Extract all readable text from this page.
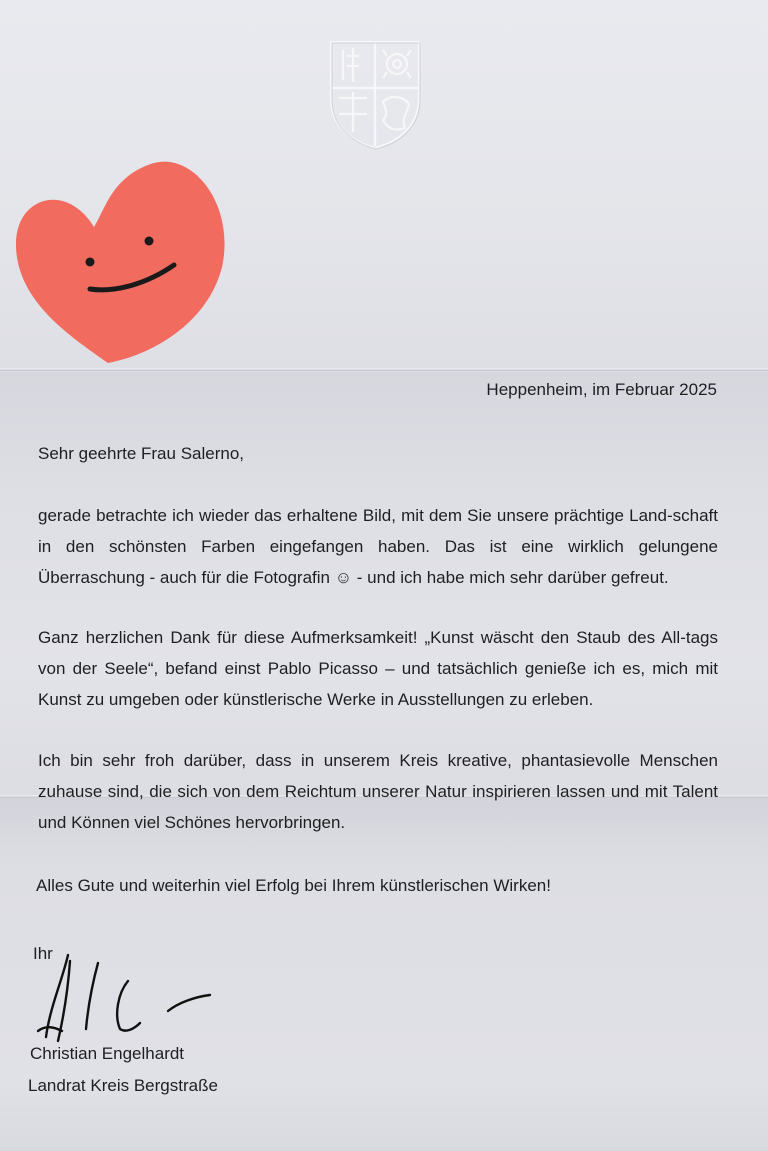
Heppenheim, im Februar 2025

Sehr geehrte Frau Salerno,

gerade betrachte ich wieder das erhaltene Bild, mit dem Sie unsere prächtige Land-schaft in den schönsten Farben eingefangen haben. Das ist eine wirklich gelungene Überraschung - auch für die Fotografin ☺ - und ich habe mich sehr darüber gefreut.

Ganz herzlichen Dank für diese Aufmerksamkeit! „Kunst wäscht den Staub des All-tags von der Seele“, befand einst Pablo Picasso – und tatsächlich genieße ich es, mich mit Kunst zu umgeben oder künstlerische Werke in Ausstellungen zu erleben.

Ich bin sehr froh darüber, dass in unserem Kreis kreative, phantasievolle Menschen zuhause sind, die sich von dem Reichtum unserer Natur inspirieren lassen und mit Talent und Können viel Schönes hervorbringen.

Alles Gute und weiterhin viel Erfolg bei Ihrem künstlerischen Wirken!

Ihr

Christian Engelhardt

Landrat Kreis Bergstraße
